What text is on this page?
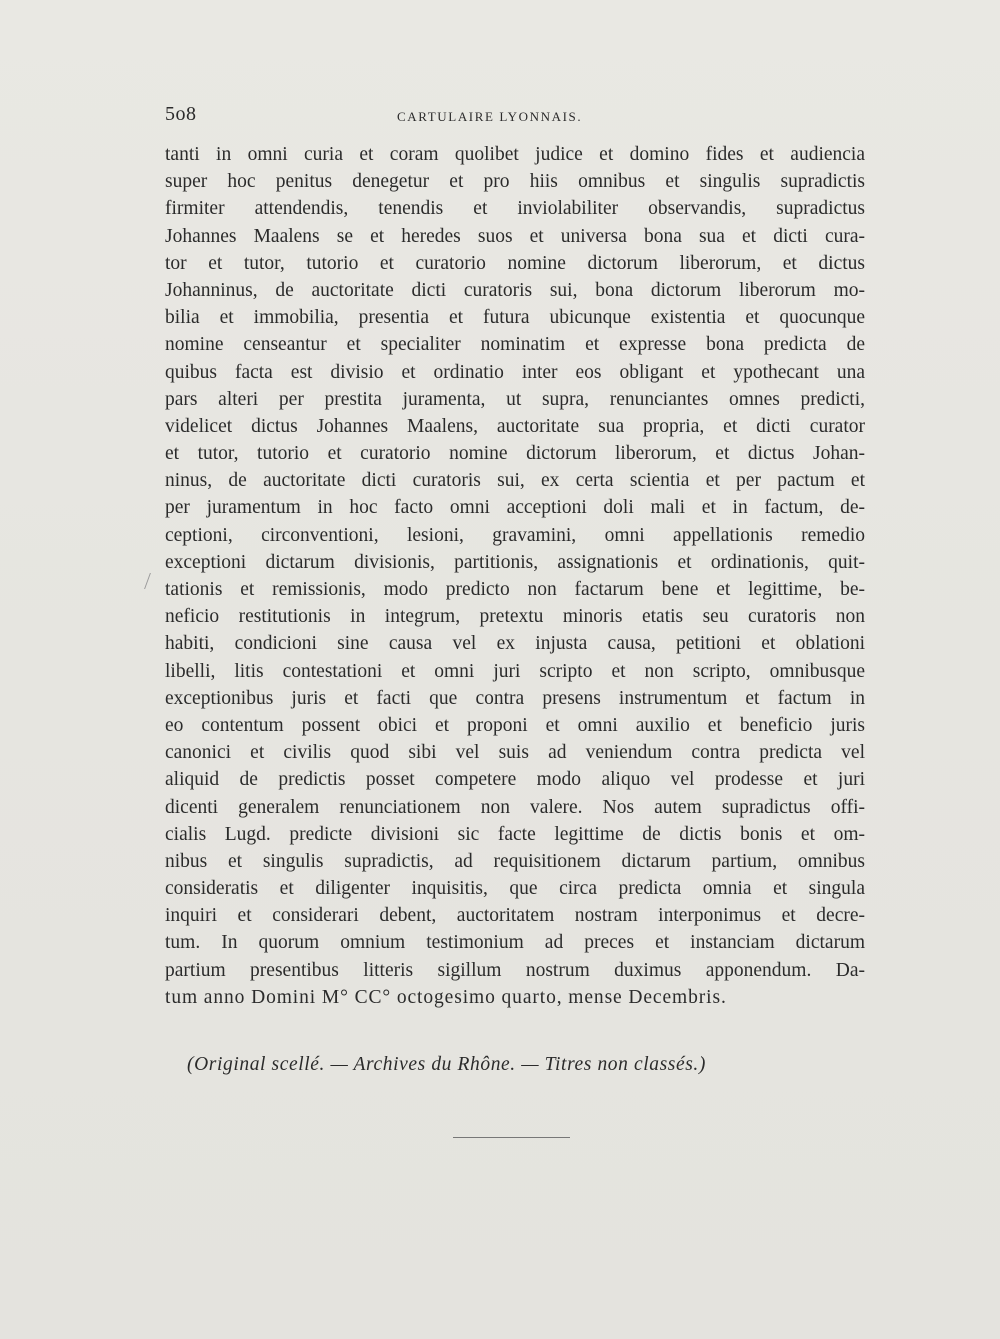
5o8	CARTULAIRE LYONNAIS.
tanti in omni curia et coram quolibet judice et domino fides et audiencia
super hoc penitus denegetur et pro hiis omnibus et singulis supradictis
firmiter attendendis, tenendis et inviolabiliter observandis, supradictus
Johannes Maalens se et heredes suos et universa bona sua et dicti cura-
tor et tutor, tutorio et curatorio nomine dictorum liberorum, et dictus
Johanninus, de auctoritate dicti curatoris sui, bona dictorum liberorum mo-
bilia et immobilia, presentia et futura ubicunque existentia et quocunque
nomine censeantur et specialiter nominatim et expresse bona predicta de
quibus facta est divisio et ordinatio inter eos obligant et ypothecant una
pars alteri per prestita juramenta, ut supra, renunciantes omnes predicti,
videlicet dictus Johannes Maalens, auctoritate sua propria, et dicti curator
et tutor, tutorio et curatorio nomine dictorum liberorum, et dictus Johan-
ninus, de auctoritate dicti curatoris sui, ex certa scientia et per pactum et
per juramentum in hoc facto omni acceptioni doli mali et in factum, de-
ceptioni, circonventioni, lesioni, gravamini, omni appellationis remedio
exceptioni dictarum divisionis, partitionis, assignationis et ordinationis, quit-
tationis et remissionis, modo predicto non factarum bene et legittime, be-
neficio restitutionis in integrum, pretextu minoris etatis seu curatoris non
habiti, condicioni sine causa vel ex injusta causa, petitioni et oblationi
libelli, litis contestationi et omni juri scripto et non scripto, omnibusque
exceptionibus juris et facti que contra presens instrumentum et factum in
eo contentum possent obici et proponi et omni auxilio et beneficio juris
canonici et civilis quod sibi vel suis ad veniendum contra predicta vel
aliquid de predictis posset competere modo aliquo vel prodesse et juri
dicenti generalem renunciationem non valere. Nos autem supradictus offi-
cialis Lugd. predicte divisioni sic facte legittime de dictis bonis et om-
nibus et singulis supradictis, ad requisitionem dictarum partium, omnibus
consideratis et diligenter inquisitis, que circa predicta omnia et singula
inquiri et considerari debent, auctoritatem nostram interponimus et decre-
tum. In quorum omnium testimonium ad preces et instanciam dictarum
partium presentibus litteris sigillum nostrum duximus apponendum. Da-
tum anno Domini M° CC° octogesimo quarto, mense Decembris.
(Original scellé. — Archives du Rhône. — Titres non classés.)
